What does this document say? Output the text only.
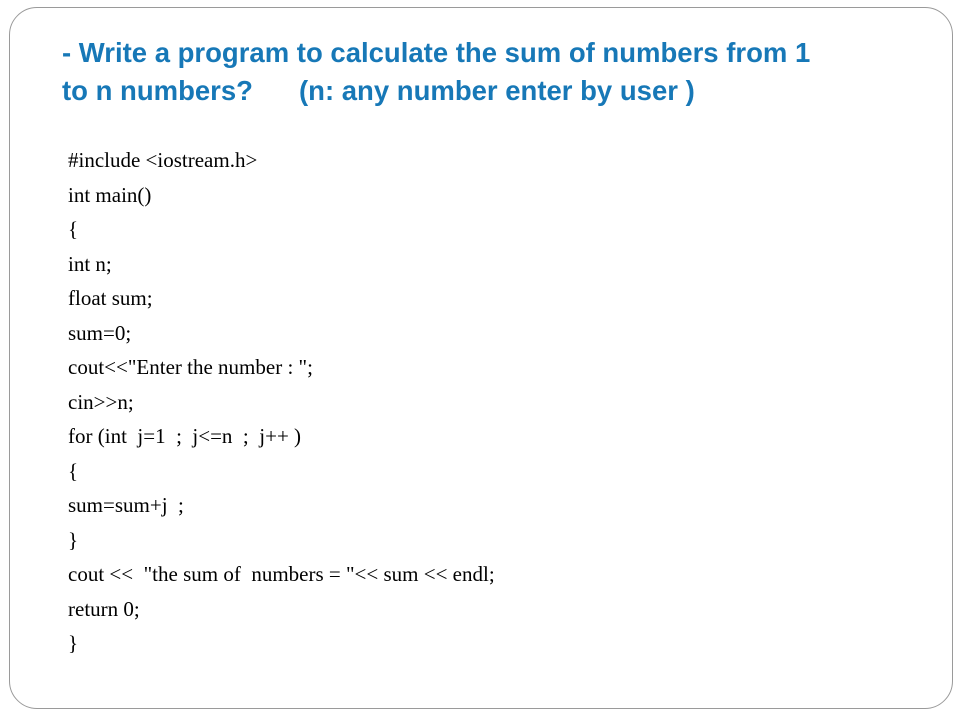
- Write a program to calculate the sum of numbers from 1
to n numbers? (n: any number enter by user )
#include <iostream.h>
int main()
{
int n;
float sum;
sum=0;
cout<<"Enter the number : ";
cin>>n;
for (int  j=1  ;  j<=n  ;  j++ )
{
sum=sum+j  ;
}
cout <<  "the sum of  numbers = "<< sum << endl;
return 0;
}
